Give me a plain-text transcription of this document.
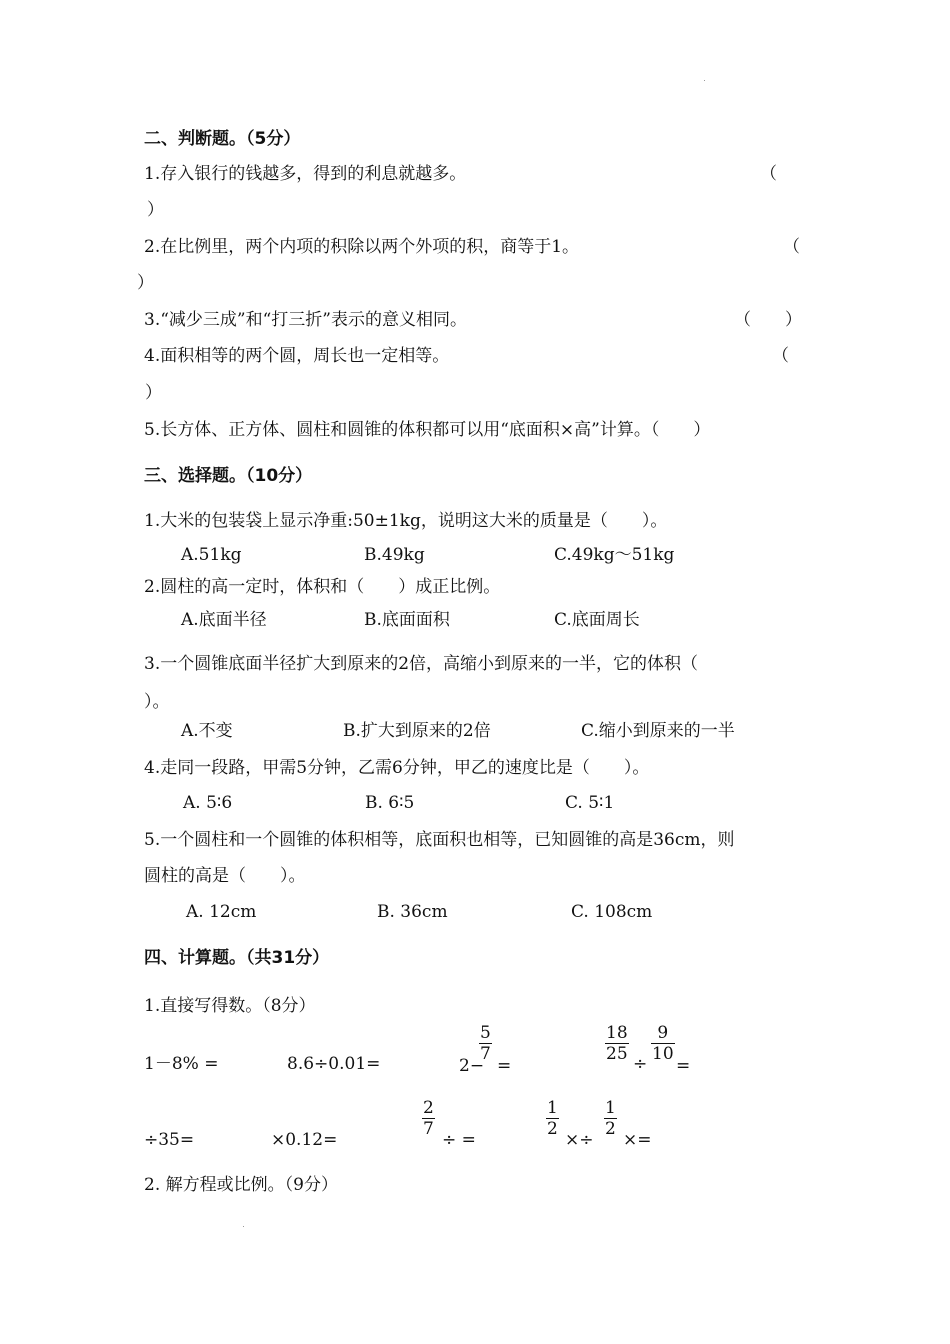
二、判断题。（5分）
1.存入银行的钱越多，得到的利息就越多。	（
）
2.在比例里，两个内项的积除以两个外项的积，商等于1。	（
）
3.“减少三成”和“打三折”表示的意义相同。	（　　）
4.面积相等的两个圆，周长也一定相等。	（
）
5.长方体、正方体、圆柱和圆锥的体积都可以用“底面积×高”计算。（　　）
三、选择题。（10分）
1.大米的包装袋上显示净重:50±1kg，说明这大米的质量是（　　）。
A.51kg	B.49kg	C.49kg～51kg
2.圆柱的高一定时，体积和（　　）成正比例。
A.底面半径	B.底面面积	C.底面周长
3.一个圆锥底面半径扩大到原来的2倍，高缩小到原来的一半，它的体积（
）。
A.不变	B.扩大到原来的2倍	C.缩小到原来的一半
4.走同一段路，甲需5分钟，乙需6分钟，甲乙的速度比是（　　）。
A. 5∶6	B. 6∶5	C. 5∶1
5.一个圆柱和一个圆锥的体积相等，底面积也相等，已知圆锥的高是36cm，则
圆柱的高是（　　）。
A. 12cm	B. 36cm	C. 108cm
四、计算题。（共31分）
1.直接写得数。（8分）
1－8% =	8.6÷0.01=	2−
$\frac{5}{7}$
=
$\frac{18}{25} \div \frac{9}{10}$
=
÷35=	×0.12=
$\frac{2}{7}$
÷ =
$\frac{1}{2}$
×÷
$\frac{1}{2}$
×=
2. 解方程或比例。（9分）
